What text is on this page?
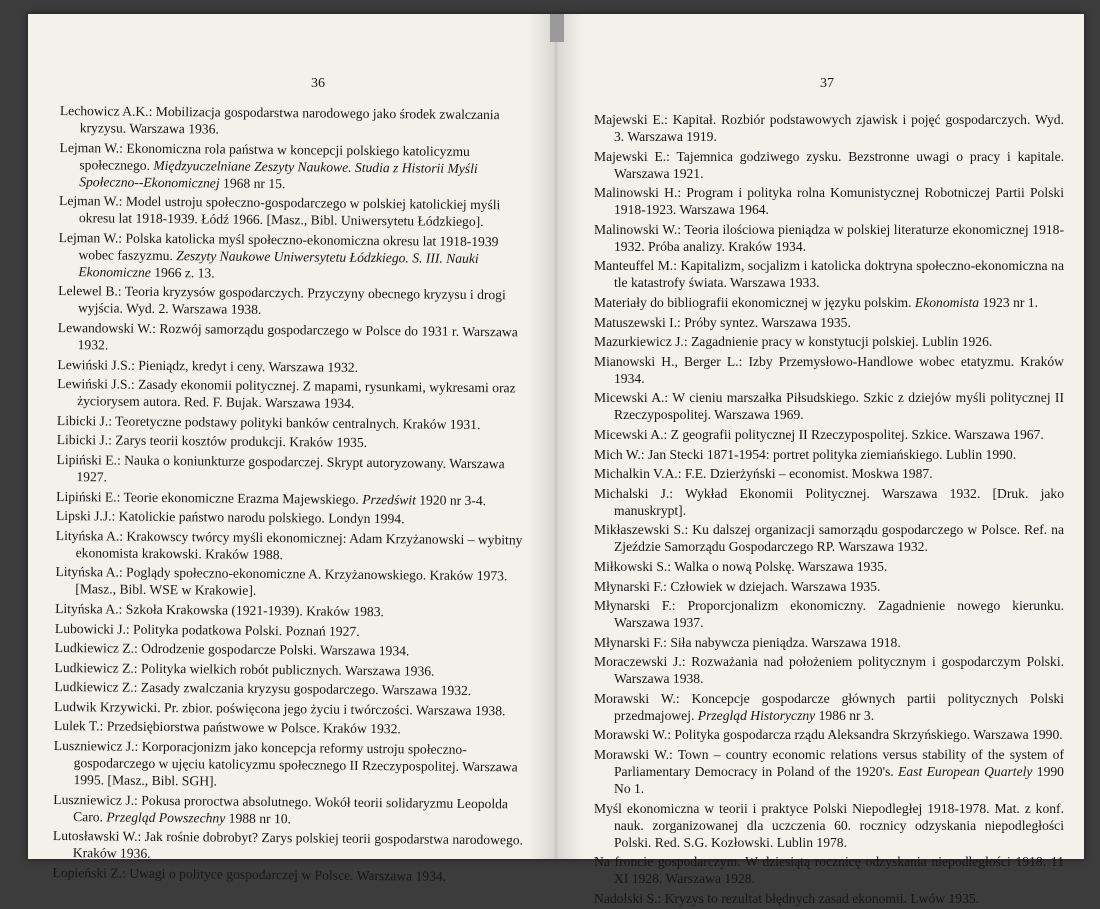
36
Lechowicz A.K.: Mobilizacja gospodarstwa narodowego jako środek zwalczania kryzysu. Warszawa 1936.
Lejman W.: Ekonomiczna rola państwa w koncepcji polskiego katolicyzmu społecznego. Międzyuczelniane Zeszyty Naukowe. Studia z Historii Myśli Społeczno--Ekonomicznej 1968 nr 15.
Lejman W.: Model ustroju społeczno-gospodarczego w polskiej katolickiej myśli okresu lat 1918-1939. Łódź 1966. [Masz., Bibl. Uniwersytetu Łódzkiego].
Lejman W.: Polska katolicka myśl społeczno-ekonomiczna okresu lat 1918-1939 wobec faszyzmu. Zeszyty Naukowe Uniwersytetu Łódzkiego. S. III. Nauki Ekonomiczne 1966 z. 13.
Lelewel B.: Teoria kryzysów gospodarczych. Przyczyny obecnego kryzysu i drogi wyjścia. Wyd. 2. Warszawa 1938.
Lewandowski W.: Rozwój samorządu gospodarczego w Polsce do 1931 r. Warszawa 1932.
Lewiński J.S.: Pieniądz, kredyt i ceny. Warszawa 1932.
Lewiński J.S.: Zasady ekonomii politycznej. Z mapami, rysunkami, wykresami oraz życiorysem autora. Red. F. Bujak. Warszawa 1934.
Libicki J.: Teoretyczne podstawy polityki banków centralnych. Kraków 1931.
Libicki J.: Zarys teorii kosztów produkcji. Kraków 1935.
Lipiński E.: Nauka o koniunkturze gospodarczej. Skrypt autoryzowany. Warszawa 1927.
Lipiński E.: Teorie ekonomiczne Erazma Majewskiego. Przedświt 1920 nr 3-4.
Lipski J.J.: Katolickie państwo narodu polskiego. Londyn 1994.
Lityńska A.: Krakowscy twórcy myśli ekonomicznej: Adam Krzyżanowski – wybitny ekonomista krakowski. Kraków 1988.
Lityńska A.: Poglądy społeczno-ekonomiczne A. Krzyżanowskiego. Kraków 1973. [Masz., Bibl. WSE w Krakowie].
Lityńska A.: Szkoła Krakowska (1921-1939). Kraków 1983.
Lubowicki J.: Polityka podatkowa Polski. Poznań 1927.
Ludkiewicz Z.: Odrodzenie gospodarcze Polski. Warszawa 1934.
Ludkiewicz Z.: Polityka wielkich robót publicznych. Warszawa 1936.
Ludkiewicz Z.: Zasady zwalczania kryzysu gospodarczego. Warszawa 1932.
Ludwik Krzywicki. Pr. zbior. poświęcona jego życiu i twórczości. Warszawa 1938.
Lulek T.: Przedsiębiorstwa państwowe w Polsce. Kraków 1932.
Luszniewicz J.: Korporacjonizm jako koncepcja reformy ustroju społeczno-gospodarczego w ujęciu katolicyzmu społecznego II Rzeczypospolitej. Warszawa 1995. [Masz., Bibl. SGH].
Luszniewicz J.: Pokusa proroctwa absolutnego. Wokół teorii solidaryzmu Leopolda Caro. Przegląd Powszechny 1988 nr 10.
Lutosławski W.: Jak rośnie dobrobyt? Zarys polskiej teorii gospodarstwa narodowego. Kraków 1936.
Łopieński Z.: Uwagi o polityce gospodarczej w Polsce. Warszawa 1934.
37
Majewski E.: Kapitał. Rozbiór podstawowych zjawisk i pojęć gospodarczych. Wyd. 3. Warszawa 1919.
Majewski E.: Tajemnica godziwego zysku. Bezstronne uwagi o pracy i kapitale. Warszawa 1921.
Malinowski H.: Program i polityka rolna Komunistycznej Robotniczej Partii Polski 1918-1923. Warszawa 1964.
Malinowski W.: Teoria ilościowa pieniądza w polskiej literaturze ekonomicznej 1918-1932. Próba analizy. Kraków 1934.
Manteuffel M.: Kapitalizm, socjalizm i katolicka doktryna społeczno-ekonomiczna na tle katastrofy świata. Warszawa 1933.
Materiały do bibliografii ekonomicznej w języku polskim. Ekonomista 1923 nr 1.
Matuszewski I.: Próby syntez. Warszawa 1935.
Mazurkiewicz J.: Zagadnienie pracy w konstytucji polskiej. Lublin 1926.
Mianowski H., Berger L.: Izby Przemysłowo-Handlowe wobec etatyzmu. Kraków 1934.
Micewski A.: W cieniu marszałka Piłsudskiego. Szkic z dziejów myśli politycznej II Rzeczypospolitej. Warszawa 1969.
Micewski A.: Z geografii politycznej II Rzeczypospolitej. Szkice. Warszawa 1967.
Mich W.: Jan Stecki 1871-1954: portret polityka ziemiańskiego. Lublin 1990.
Michalkin V.A.: F.E. Dzierżyński – economist. Moskwa 1987.
Michalski J.: Wykład Ekonomii Politycznej. Warszawa 1932. [Druk. jako manuskrypt].
Mikłaszewski S.: Ku dalszej organizacji samorządu gospodarczego w Polsce. Ref. na Zjeździe Samorządu Gospodarczego RP. Warszawa 1932.
Miłkowski S.: Walka o nową Polskę. Warszawa 1935.
Młynarski F.: Człowiek w dziejach. Warszawa 1935.
Młynarski F.: Proporcjonalizm ekonomiczny. Zagadnienie nowego kierunku. Warszawa 1937.
Młynarski F.: Siła nabywcza pieniądza. Warszawa 1918.
Moraczewski J.: Rozważania nad położeniem politycznym i gospodarczym Polski. Warszawa 1938.
Morawski W.: Koncepcje gospodarcze głównych partii politycznych Polski przedmajowej. Przegląd Historyczny 1986 nr 3.
Morawski W.: Polityka gospodarcza rządu Aleksandra Skrzyńskiego. Warszawa 1990.
Morawski W.: Town – country economic relations versus stability of the system of Parliamentary Democracy in Poland of the 1920's. East European Quartely 1990 No 1.
Myśl ekonomiczna w teorii i praktyce Polski Niepodległej 1918-1978. Mat. z konf. nauk. zorganizowanej dla uczczenia 60. rocznicy odzyskania niepodległości Polski. Red. S.G. Kozłowski. Lublin 1978.
Na froncie gospodarczym. W dziesiątą rocznicę odzyskania niepodległości 1918. 11 XI 1928. Warszawa 1928.
Nadolski S.: Kryzys to rezultat błędnych zasad ekonomii. Lwów 1935.
